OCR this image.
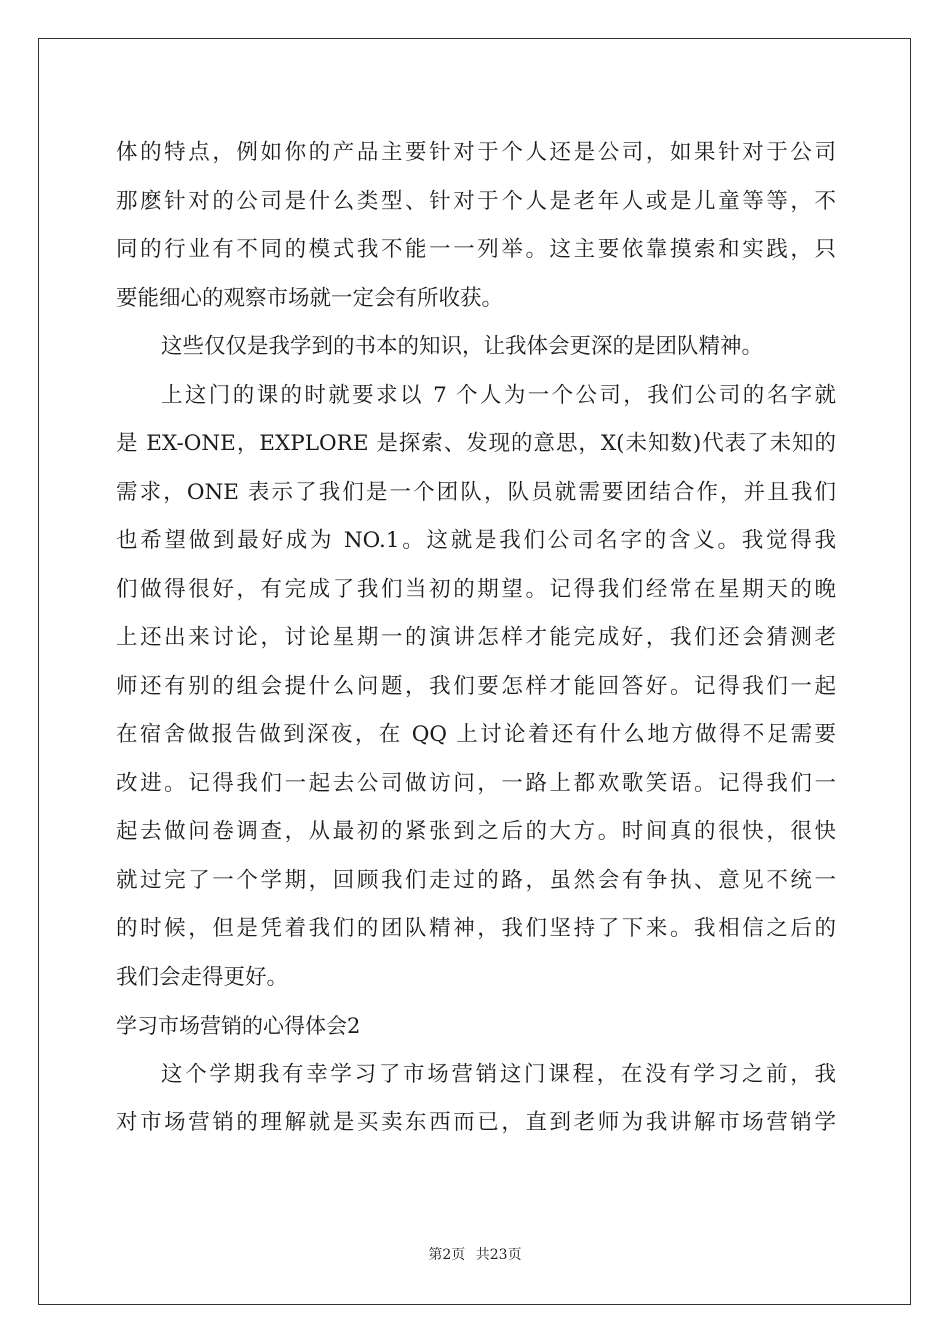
体的特点，例如你的产品主要针对于个人还是公司，如果针对于公司
那麽针对的公司是什么类型、针对于个人是老年人或是儿童等等，不
同的行业有不同的模式我不能一一列举。这主要依靠摸索和实践，只
要能细心的观察市场就一定会有所收获。
这些仅仅是我学到的书本的知识，让我体会更深的是团队精神。
上这门的课的时就要求以 7 个人为一个公司，我们公司的名字就
是 EX-ONE，EXPLORE 是探索、发现的意思，X(未知数)代表了未知的
需求，ONE 表示了我们是一个团队，队员就需要团结合作，并且我们
也希望做到最好成为 NO.1。这就是我们公司名字的含义。我觉得我
们做得很好，有完成了我们当初的期望。记得我们经常在星期天的晚
上还出来讨论，讨论星期一的演讲怎样才能完成好，我们还会猜测老
师还有别的组会提什么问题，我们要怎样才能回答好。记得我们一起
在宿舍做报告做到深夜，在 QQ 上讨论着还有什么地方做得不足需要
改进。记得我们一起去公司做访问，一路上都欢歌笑语。记得我们一
起去做问卷调查，从最初的紧张到之后的大方。时间真的很快，很快
就过完了一个学期，回顾我们走过的路，虽然会有争执、意见不统一
的时候，但是凭着我们的团队精神，我们坚持了下来。我相信之后的
我们会走得更好。
学习市场营销的心得体会2
这个学期我有幸学习了市场营销这门课程，在没有学习之前，我
对市场营销的理解就是买卖东西而已，直到老师为我讲解市场营销学
第2页 共23页
